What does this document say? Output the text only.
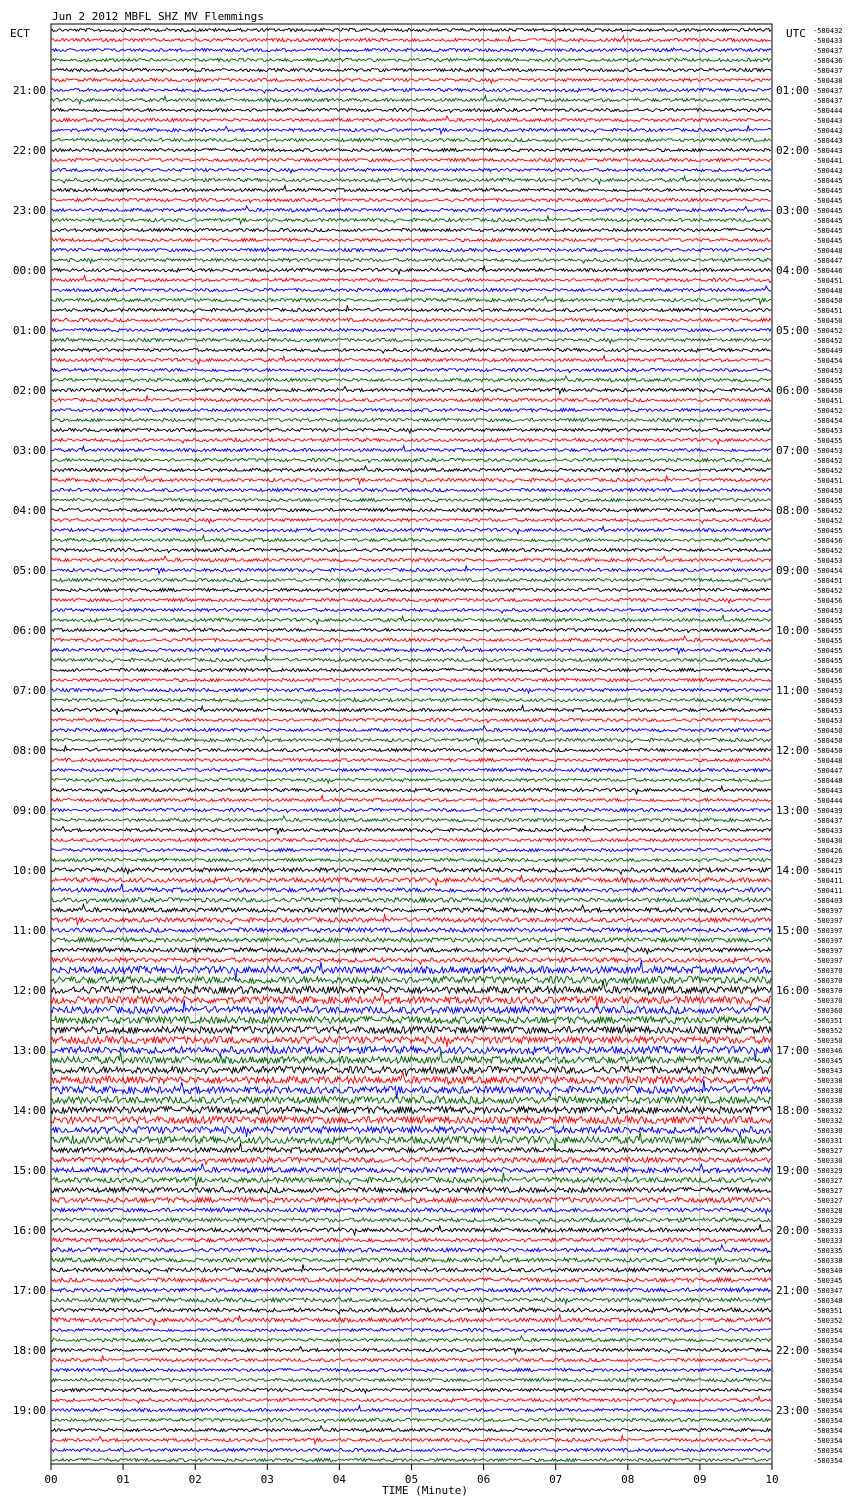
21:00
22:00
23:00
00:00
01:00
02:00
03:00
04:00
05:00
06:00
07:00
08:00
09:00
10:00
11:00
12:00
13:00
14:00
15:00
16:00
17:00
18:00
19:00
01:00
02:00
03:00
04:00
05:00
06:00
07:00
08:00
09:00
10:00
11:00
12:00
13:00
14:00
15:00
16:00
17:00
18:00
19:00
20:00
21:00
22:00
23:00
-580432
-580433
-580437
-580436
-580437
-580438
-580437
-580437
-580444
-580443
-580443
-580443
-580443
-580441
-580443
-580445
-580445
-580445
-580445
-580445
-580445
-580445
-580448
-580447
-580446
-580451
-580448
-580450
-580451
-580450
-580452
-580452
-580449
-580454
-580453
-580455
-580450
-580451
-580452
-580454
-580453
-580455
-580453
-580452
-580452
-580451
-580450
-580455
-580452
-580452
-580455
-580456
-580452
-580453
-580454
-580451
-580452
-580456
-580453
-580455
-580455
-580455
-580455
-580455
-580456
-580455
-580453
-580453
-580453
-580453
-580450
-580450
-580450
-580448
-580447
-580448
-580443
-580444
-580439
-580437
-580433
-580430
-580426
-580423
-580415
-580411
-580411
-580403
-580397
-580397
-580397
-580397
-580397
-580397
-580370
-580370
-580370
-580370
-580360
-580351
-580352
-580350
-580346
-580345
-580343
-580338
-580338
-580338
-580332
-580332
-580330
-580331
-580327
-580330
-580329
-580327
-580327
-580327
-580328
-580329
-580333
-580333
-580335
-580338
-580340
-580345
-580347
-580348
-580351
-580352
-580354
-580354
-580354
-580354
-580354
-580354
-580354
-580354
-580354
-580354
-580354
-580354
-580354
-580354
00	01	02	03	04	05	06	07	08	09	10
Jun 2 2012 MBFL SHZ MV Flemmings
ECT	UTC
TIME (Minute)
